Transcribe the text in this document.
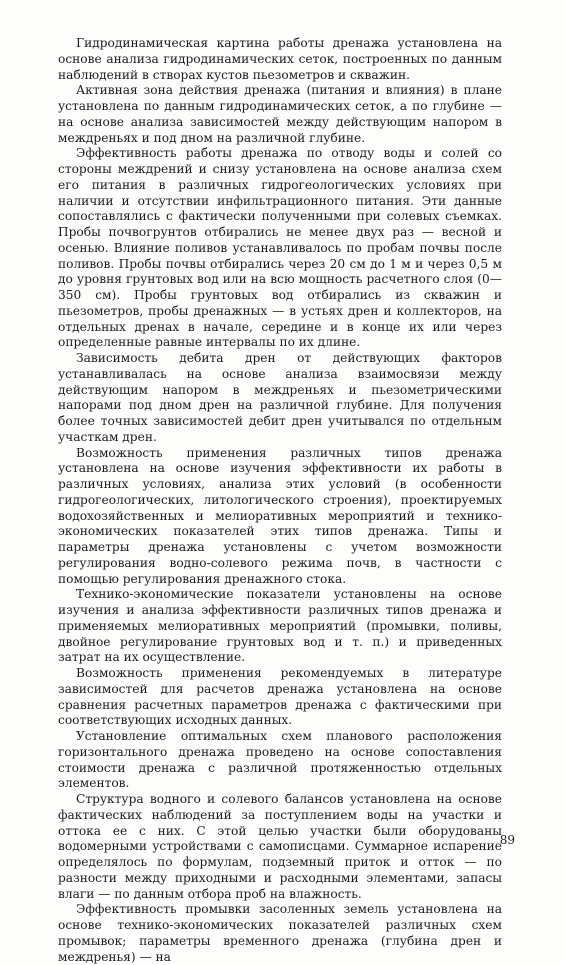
Гидродинамическая картина работы дренажа установлена на основе анализа гидродинамических сеток, построенных по данным наблюдений в створах кустов пьезометров и скважин.

Активная зона действия дренажа (питания и влияния) в плане установлена по данным гидродинамических сеток, а по глубине — на основе анализа зависимостей между действующим напором в междреньях и под дном на различной глубине.

Эффективность работы дренажа по отводу воды и солей со стороны междрений и снизу установлена на основе анализа схем его питания в различных гидрогеологических условиях при наличии и отсутствии инфильтрационного питания. Эти данные сопоставлялись с фактически полученными при солевых съемках. Пробы почвогрунтов отбирались не менее двух раз — весной и осенью. Влияние поливов устанавливалось по пробам почвы после поливов. Пробы почвы отбирались через 20 см до 1 м и через 0,5 м до уровня грунтовых вод или на всю мощность расчетного слоя (0—350 см). Пробы грунтовых вод отбирались из скважин и пьезометров, пробы дренажных — в устьях дрен и коллекторов, на отдельных дренах в начале, середине и в конце их или через определенные равные интервалы по их длине.

Зависимость дебита дрен от действующих факторов устанавливалась на основе анализа взаимосвязи между действующим напором в междреньях и пьезометрическими напорами под дном дрен на различной глубине. Для получения более точных зависимостей дебит дрен учитывался по отдельным участкам дрен.

Возможность применения различных типов дренажа установлена на основе изучения эффективности их работы в различных условиях, анализа этих условий (в особенности гидрогеологических, литологического строения), проектируемых водохозяйственных и мелиоративных мероприятий и технико-экономических показателей этих типов дренажа. Типы и параметры дренажа установлены с учетом возможности регулирования водно-солевого режима почв, в частности с помощью регулирования дренажного стока.

Технико-экономические показатели установлены на основе изучения и анализа эффективности различных типов дренажа и применяемых мелиоративных мероприятий (промывки, поливы, двойное регулирование грунтовых вод и т. п.) и приведенных затрат на их осуществление.

Возможность применения рекомендуемых в литературе зависимостей для расчетов дренажа установлена на основе сравнения расчетных параметров дренажа с фактическими при соответствующих исходных данных.

Установление оптимальных схем планового расположения горизонтального дренажа проведено на основе сопоставления стоимости дренажа с различной протяженностью отдельных элементов.

Структура водного и солевого балансов установлена на основе фактических наблюдений за поступлением воды на участки и оттока ее с них. С этой целью участки были оборудованы водомерными устройствами с самописцами. Суммарное испарение определялось по формулам, подземный приток и отток — по разности между приходными и расходными элементами, запасы влаги — по данным отбора проб на влажность.

Эффективность промывки засоленных земель установлена на основе технико-экономических показателей различных схем промывок; параметры временного дренажа (глубина дрен и междренья) — на

89
